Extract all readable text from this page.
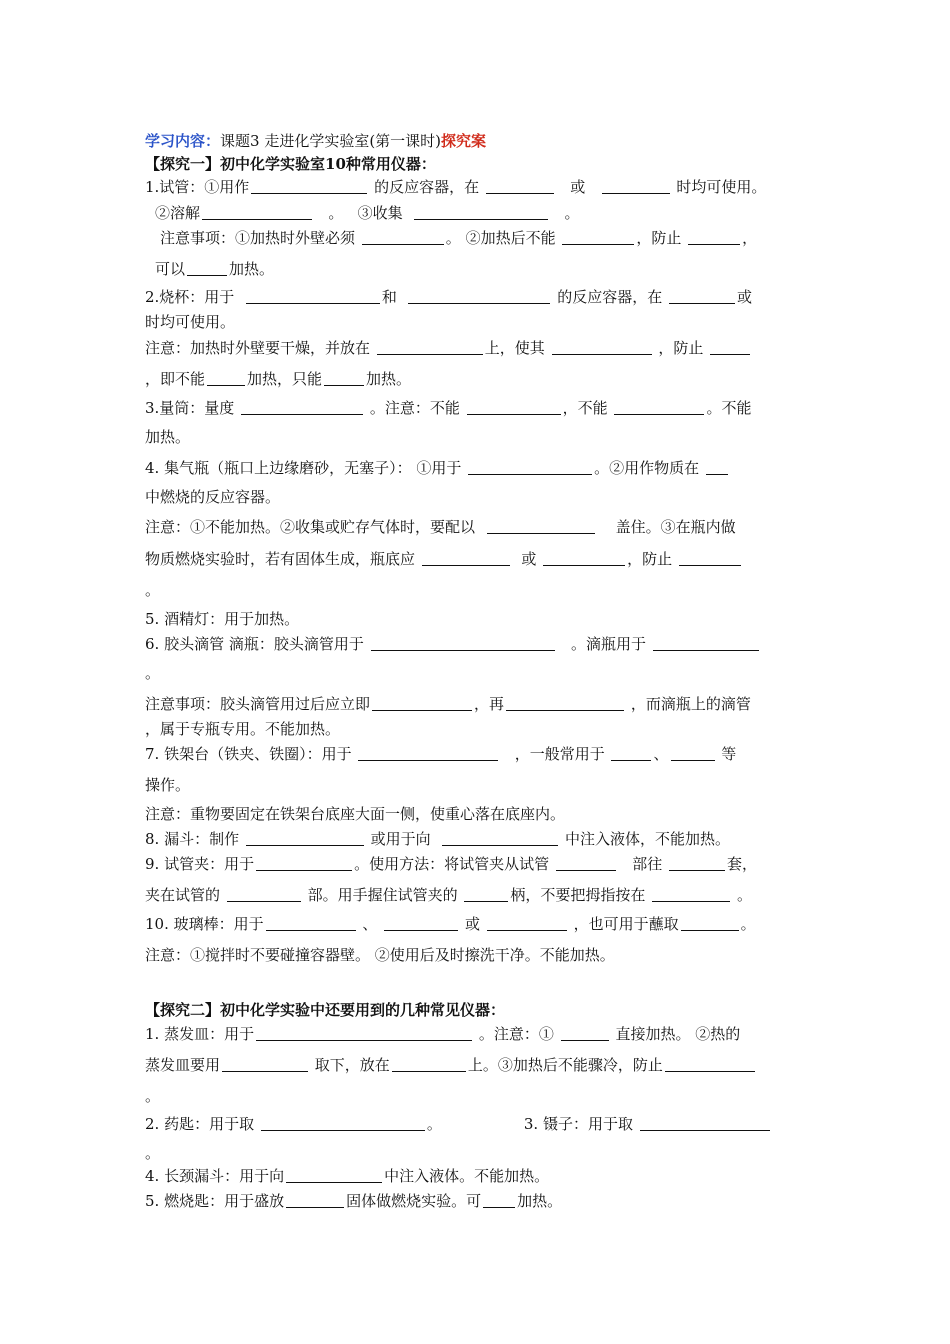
学习内容：课题3 走进化学实验室(第一课时)探究案
【探究一】初中化学实验室10种常用仪器：
1.试管：①用作	的反应容器，在	或	时均可使用。
②溶解	。 ③收集	。
注意事项：①加热时外壁必须	。 ②加热后不能	，防止	，
可以	加热。
2.烧杯：用于	和	的反应容器，在	或
时均可使用。
注意：加热时外壁要干燥，并放在	上，使其	，防止
，即不能	加热，只能	加热。
3.量筒：量度	。注意：不能	，不能	。不能
加热。
4. 集气瓶（瓶口上边缘磨砂，无塞子）： ①用于	。②用作物质在
中燃烧的反应容器。
注意：①不能加热。②收集或贮存气体时，要配以	盖住。③在瓶内做
物质燃烧实验时，若有固体生成，瓶底应	或	，防止
。
5. 酒精灯：用于加热。
6. 胶头滴管 滴瓶：胶头滴管用于	。滴瓶用于
。
注意事项：胶头滴管用过后应立即	，再	，而滴瓶上的滴管
，属于专瓶专用。不能加热。
7. 铁架台（铁夹、铁圈）：用于	，一般常用于	、	等
操作。
注意：重物要固定在铁架台底座大面一侧，使重心落在底座内。
8. 漏斗：制作	或用于向	中注入液体，不能加热。
9. 试管夹：用于	。使用方法：将试管夹从试管	部往	套，
夹在试管的	部。用手握住试管夹的	柄，不要把拇指按在	。
10. 玻璃棒：用于	、	或	，也可用于蘸取	。
注意：①搅拌时不要碰撞容器壁。 ②使用后及时擦洗干净。不能加热。
【探究二】初中化学实验中还要用到的几种常见仪器：
1. 蒸发皿：用于	。注意：①	直接加热。 ②热的
蒸发皿要用	取下，放在	上。③加热后不能骤冷，防止
。
2. 药匙：用于取	。	3. 镊子：用于取
。
4. 长颈漏斗：用于向	中注入液体。不能加热。
5. 燃烧匙：用于盛放	固体做燃烧实验。可 加热。
